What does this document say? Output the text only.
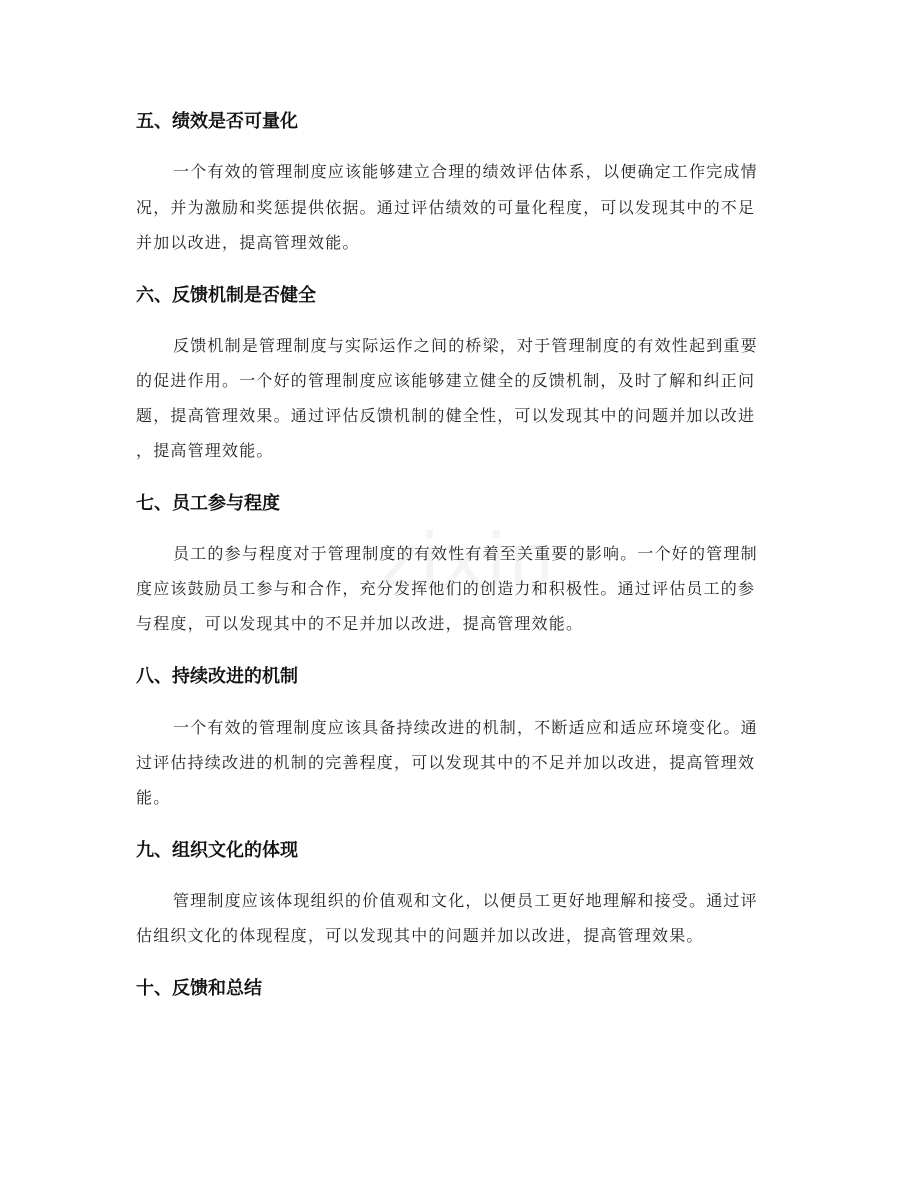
五、绩效是否可量化

一个有效的管理制度应该能够建立合理的绩效评估体系，以便确定工作完成情

况，并为激励和奖惩提供依据。通过评估绩效的可量化程度，可以发现其中的不足

并加以改进，提高管理效能。

六、反馈机制是否健全

反馈机制是管理制度与实际运作之间的桥梁，对于管理制度的有效性起到重要

的促进作用。一个好的管理制度应该能够建立健全的反馈机制，及时了解和纠正问

题，提高管理效果。通过评估反馈机制的健全性，可以发现其中的问题并加以改进

，提高管理效能。

七、员工参与程度

员工的参与程度对于管理制度的有效性有着至关重要的影响。一个好的管理制

度应该鼓励员工参与和合作，充分发挥他们的创造力和积极性。通过评估员工的参

与程度，可以发现其中的不足并加以改进，提高管理效能。

八、持续改进的机制

一个有效的管理制度应该具备持续改进的机制，不断适应和适应环境变化。通

过评估持续改进的机制的完善程度，可以发现其中的不足并加以改进，提高管理效

能。

九、组织文化的体现

管理制度应该体现组织的价值观和文化，以便员工更好地理解和接受。通过评

估组织文化的体现程度，可以发现其中的问题并加以改进，提高管理效果。

十、反馈和总结
